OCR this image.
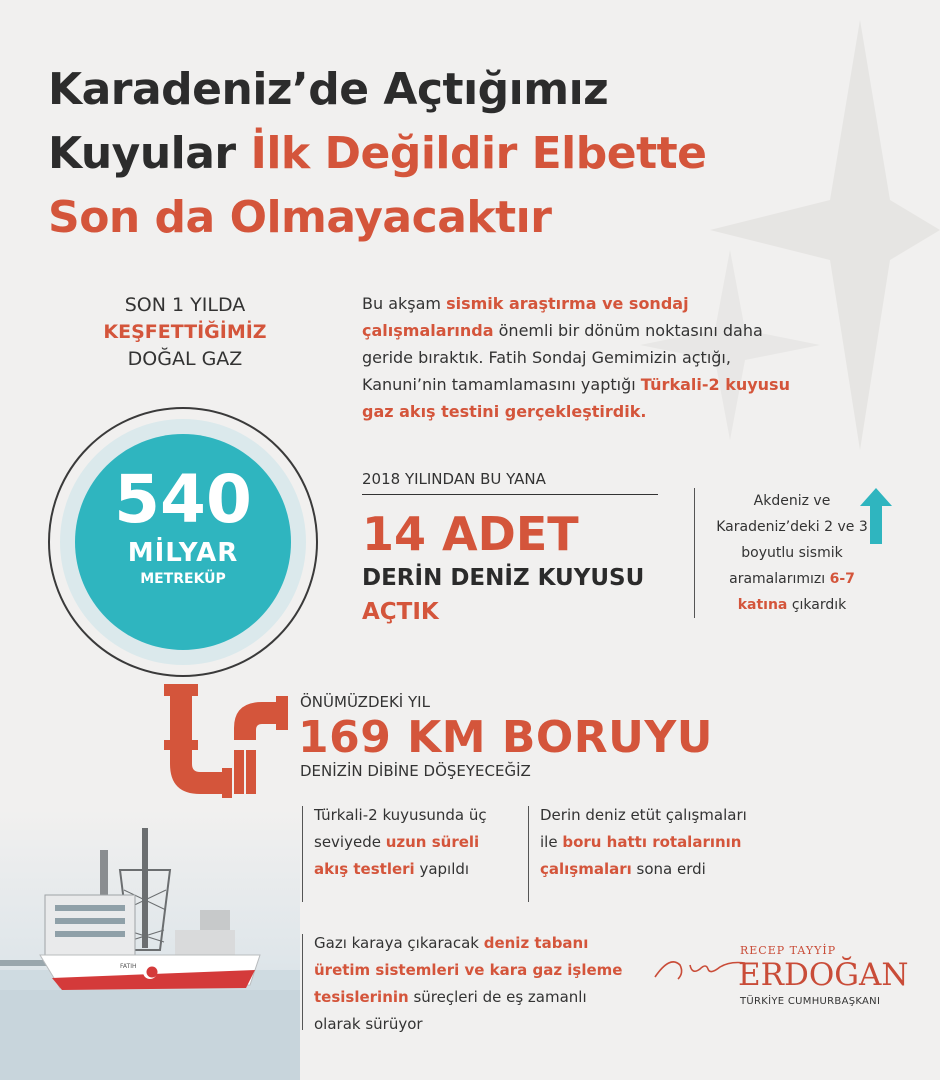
Karadeniz’de Açtığımız
Kuyular İlk Değildir Elbette
Son da Olmayacaktır
SON 1 YILDA
KEŞFETTİĞİMİZ
DOĞAL GAZ
540
MİLYAR
METREKÜP
Bu akşam sismik araştırma ve sondaj çalışmalarında önemli bir dönüm noktasını daha geride bıraktık. Fatih Sondaj Gemimizin açtığı, Kanuni’nin tamamlamasını yaptığı Türkali-2 kuyusu gaz akış testini gerçekleştirdik.
2018 YILINDAN BU YANA
14 ADET
DERİN DENİZ KUYUSU
AÇTIK
Akdeniz ve Karadeniz’deki 2 ve 3 boyutlu sismik aramalarımızı 6-7 katına çıkardık
ÖNÜMÜZDEKİ YIL
169 KM BORUYU
DENİZİN DİBİNE DÖŞEYECEĞİZ
Türkali-2 kuyusunda üç seviyede uzun süreli akış testleri yapıldı
Derin deniz etüt çalışmaları ile boru hattı rotalarının çalışmaları sona erdi
Gazı karaya çıkaracak deniz tabanı üretim sistemleri ve kara gaz işleme tesislerinin süreçleri de eş zamanlı olarak sürüyor
FATIH
RECEP TAYYİP
ERDOĞAN
TÜRKİYE CUMHURBAŞKANI
